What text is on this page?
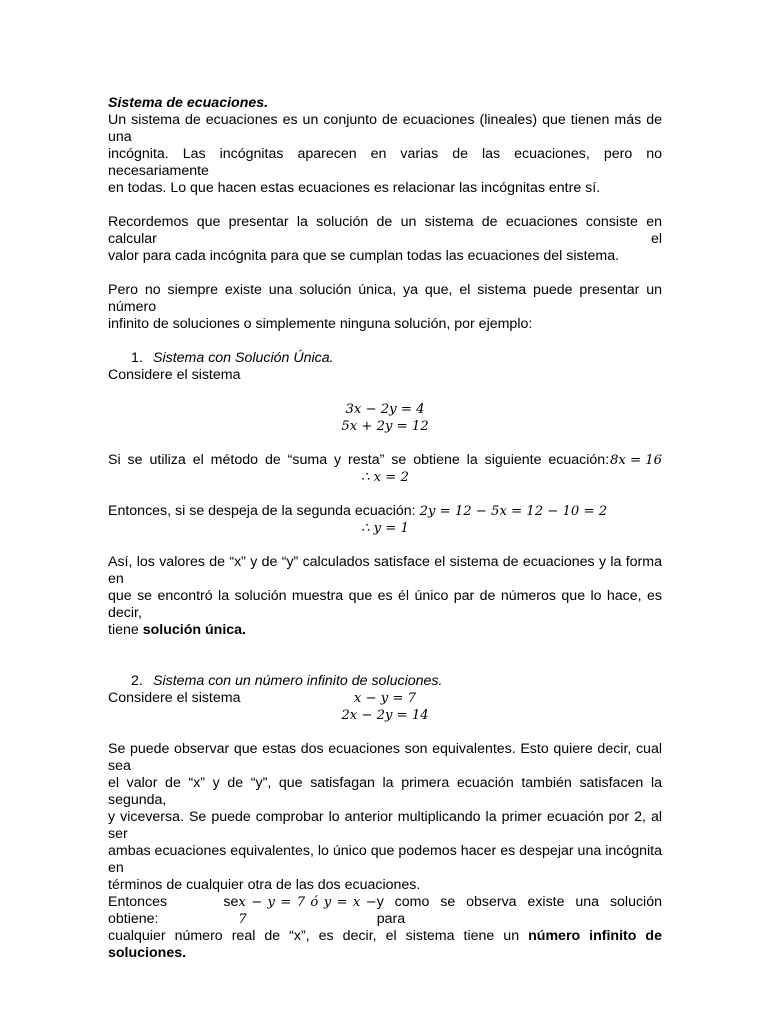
Sistema de ecuaciones.

Un sistema de ecuaciones es un conjunto de ecuaciones (lineales) que tienen más de una

incógnita. Las incógnitas aparecen en varias de las ecuaciones, pero no necesariamente

en todas. Lo que hacen estas ecuaciones es relacionar las incógnitas entre sí.

Recordemos que presentar la solución de un sistema de ecuaciones consiste en calcular el

valor para cada incógnita para que se cumplan todas las ecuaciones del sistema.

Pero no siempre existe una solución única, ya que, el sistema puede presentar un número

infinito de soluciones o simplemente ninguna solución, por ejemplo:

1. Sistema con Solución Única.

Considere el sistema

3𝑥 − 2𝑦 = 4

5𝑥 + 2𝑦 = 12

Si se utiliza el método de “suma y resta” se obtiene la siguiente ecuación: 8𝑥 = 16

∴ 𝑥 = 2

Entonces, si se despeja de la segunda ecuación: 2𝑦 = 12 − 5𝑥 = 12 − 10 = 2

∴ 𝑦 = 1

Así, los valores de “x” y de “y” calculados satisface el sistema de ecuaciones y la forma en

que se encontró la solución muestra que es él único par de números que lo hace, es decir,

tiene solución única.

2. Sistema con un número infinito de soluciones.

Considere el sistema	𝑥 − 𝑦 = 7

2𝑥 − 2𝑦 = 14

Se puede observar que estas dos ecuaciones son equivalentes. Esto quiere decir, cual sea

el valor de “x” y de “y”, que satisfagan la primera ecuación también satisfacen la segunda,

y viceversa. Se puede comprobar lo anterior multiplicando la primer ecuación por 2, al ser

ambas ecuaciones equivalentes, lo único que podemos hacer es despejar una incógnita en

términos de cualquier otra de las dos ecuaciones.

Entonces se obtiene:
𝑥 − 𝑦 = 7 ó 𝑦 = 𝑥 − 7
y como se observa existe una solución para

cualquier número real de “x”, es decir, el sistema tiene un número infinito de soluciones.
